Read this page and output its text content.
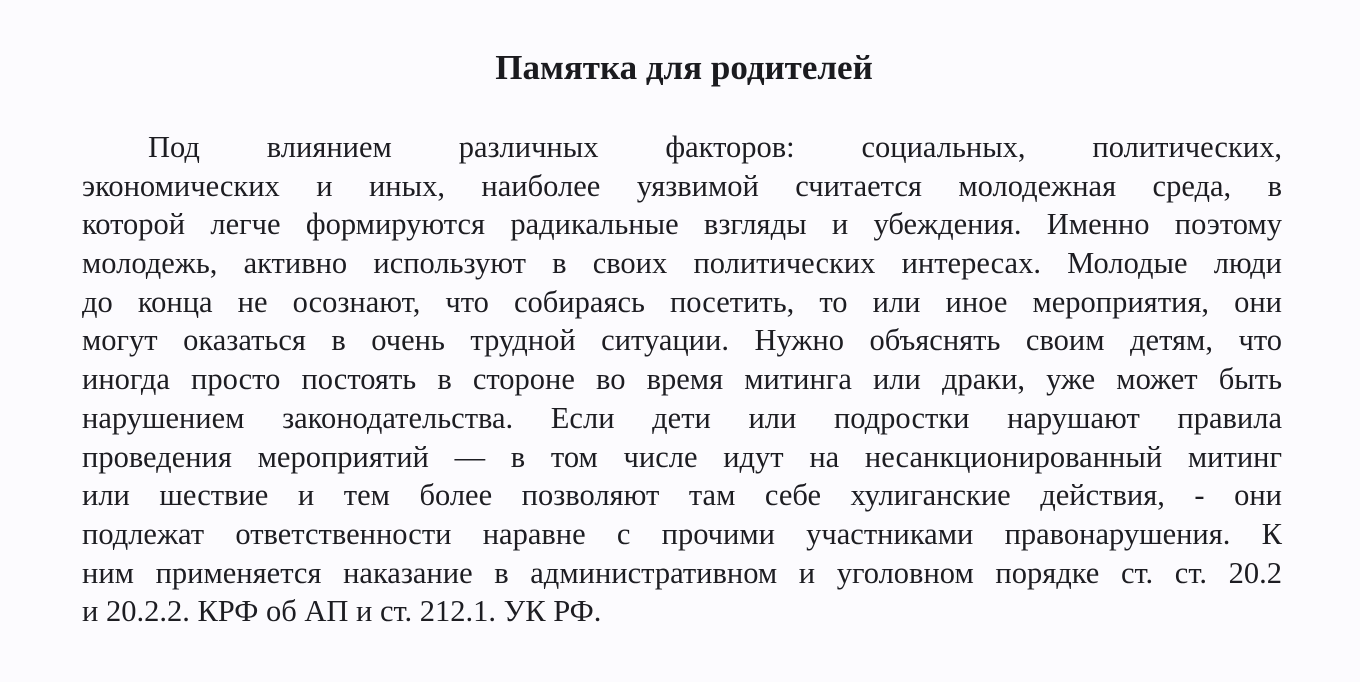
Памятка для родителей
Под влиянием различных факторов: социальных, политических,
экономических и иных, наиболее уязвимой считается молодежная среда, в
которой легче формируются радикальные взгляды и убеждения. Именно поэтому
молодежь, активно используют в своих политических интересах. Молодые люди
до конца не осознают, что собираясь посетить, то или иное мероприятия, они
могут оказаться в очень трудной ситуации. Нужно объяснять своим детям, что
иногда просто постоять в стороне во время митинга или драки, уже может быть
нарушением законодательства. Если дети или подростки нарушают правила
проведения мероприятий — в том числе идут на несанкционированный митинг
или шествие и тем более позволяют там себе хулиганские действия, - они
подлежат ответственности наравне с прочими участниками правонарушения. К
ним применяется наказание в административном и уголовном порядке ст. ст. 20.2
и 20.2.2. КРФ об АП и ст. 212.1. УК РФ.
